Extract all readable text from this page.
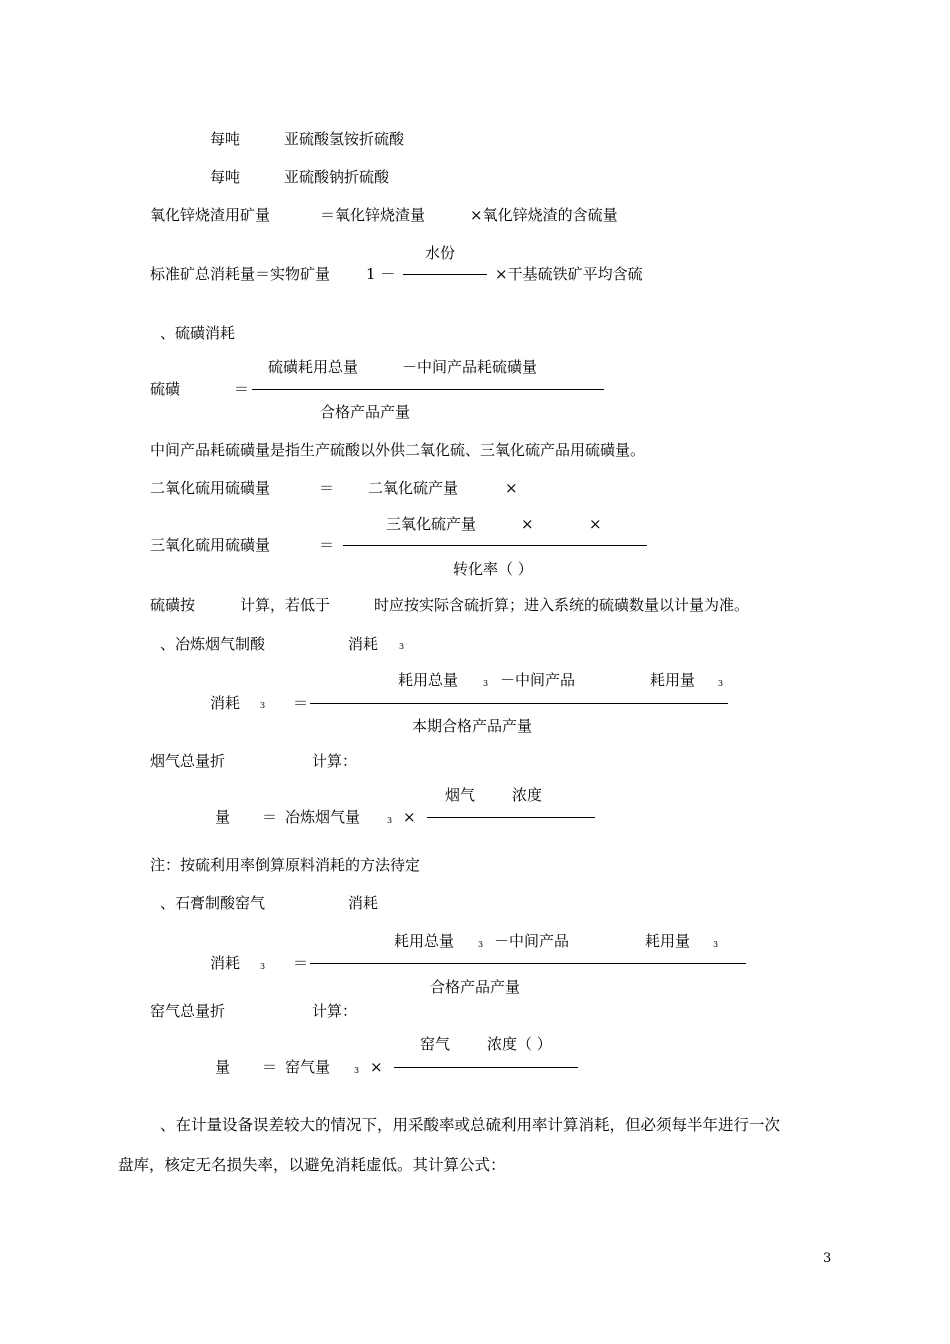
每吨	亚硫酸氢铵折硫酸
每吨	亚硫酸钠折硫酸
氧化锌烧渣用矿量	＝氧化锌烧渣量	×氧化锌烧渣的含硫量
水份
标准矿总消耗量＝实物矿量 1 －	×干基硫铁矿平均含硫
、硫磺消耗
硫磺耗用总量	－中间产品耗硫磺量
硫磺	＝
合格产品产量
中间产品耗硫磺量是指生产硫酸以外供二氧化硫、三氧化硫产品用硫磺量。
二氧化硫用硫磺量	＝ 二氧化硫产量	×
三氧化硫产量	×	×
三氧化硫用硫磺量	＝
转化率（ ）
硫磺按	计算，若低于	时应按实际含硫折算；进入系统的硫磺数量以计量为准。
、冶炼烟气制酸	消耗	3
耗用总量	3 －中间产品	耗用量	3
消耗 3 ＝
本期合格产品产量
烟气总量折	计算：
烟气 浓度
量 ＝ 冶炼烟气量	3 ×
注：按硫利用率倒算原料消耗的方法待定
、石膏制酸窑气	消耗
耗用总量	3 －中间产品	耗用量	3
消耗 3 ＝
合格产品产量
窑气总量折	计算：
窑气 浓度（ ）
量 ＝ 窑气量	3 ×
、在计量设备误差较大的情况下，用采酸率或总硫利用率计算消耗，但必须每半年进行一次
盘库，核定无名损失率，以避免消耗虚低。其计算公式：
3
